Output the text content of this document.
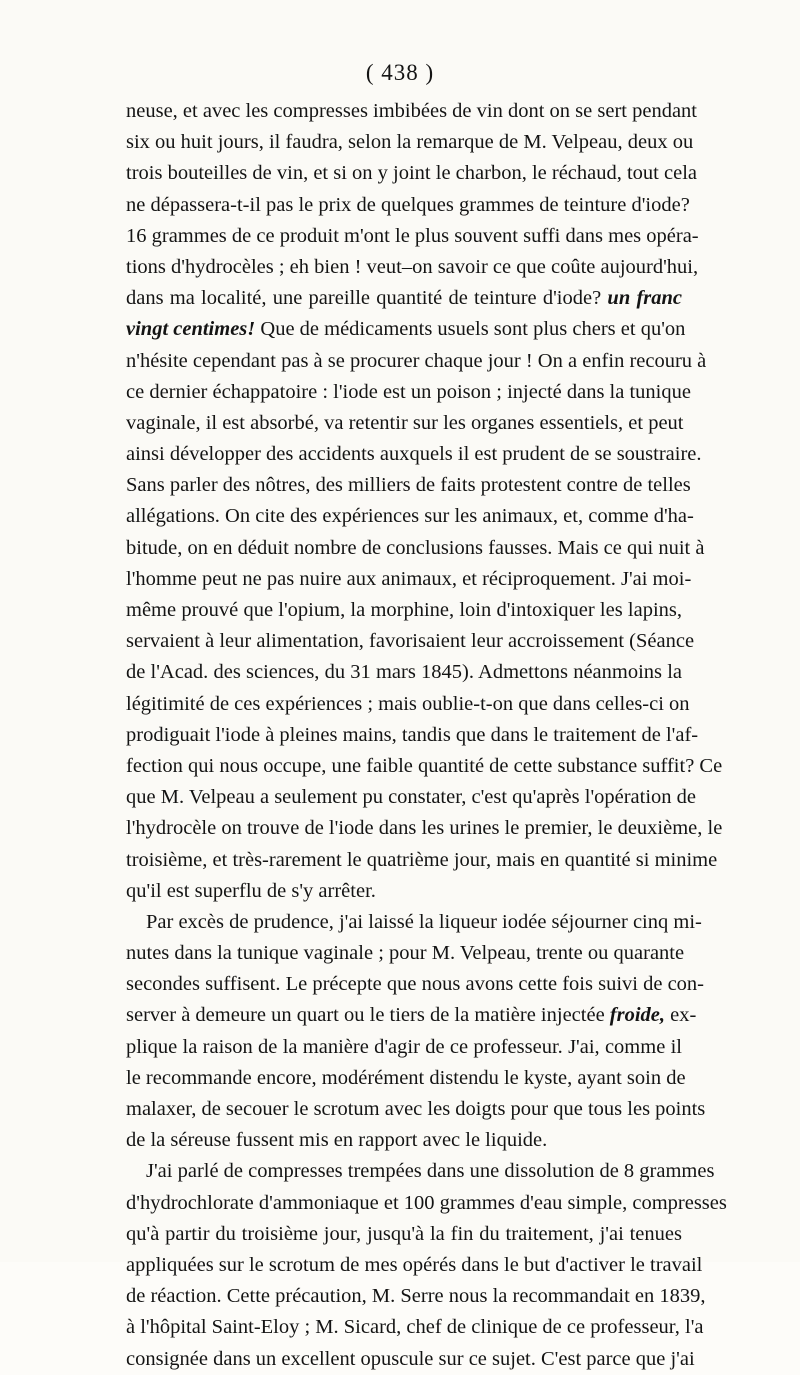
( 438 )
neuse, et avec les compresses imbibées de vin dont on se sert pendant
six ou huit jours, il faudra, selon la remarque de M. Velpeau, deux ou
trois bouteilles de vin, et si on y joint le charbon, le réchaud, tout cela
ne dépassera-t-il pas le prix de quelques grammes de teinture d'iode?
16 grammes de ce produit m'ont le plus souvent suffi dans mes opéra-
tions d'hydrocèles ; eh bien ! veut–on savoir ce que coûte aujourd'hui,
dans ma localité, une pareille quantité de teinture d'iode? un franc
vingt centimes! Que de médicaments usuels sont plus chers et qu'on
n'hésite cependant pas à se procurer chaque jour ! On a enfin recouru à
ce dernier échappatoire : l'iode est un poison ; injecté dans la tunique
vaginale, il est absorbé, va retentir sur les organes essentiels, et peut
ainsi développer des accidents auxquels il est prudent de se soustraire.
Sans parler des nôtres, des milliers de faits protestent contre de telles
allégations. On cite des expériences sur les animaux, et, comme d'ha-
bitude, on en déduit nombre de conclusions fausses. Mais ce qui nuit à
l'homme peut ne pas nuire aux animaux, et réciproquement. J'ai moi-
même prouvé que l'opium, la morphine, loin d'intoxiquer les lapins,
servaient à leur alimentation, favorisaient leur accroissement (Séance
de l'Acad. des sciences, du 31 mars 1845). Admettons néanmoins la
légitimité de ces expériences ; mais oublie-t-on que dans celles-ci on
prodiguait l'iode à pleines mains, tandis que dans le traitement de l'af-
fection qui nous occupe, une faible quantité de cette substance suffit? Ce
que M. Velpeau a seulement pu constater, c'est qu'après l'opération de
l'hydrocèle on trouve de l'iode dans les urines le premier, le deuxième, le
troisième, et très-rarement le quatrième jour, mais en quantité si minime
qu'il est superflu de s'y arrêter.
Par excès de prudence, j'ai laissé la liqueur iodée séjourner cinq mi-
nutes dans la tunique vaginale ; pour M. Velpeau, trente ou quarante
secondes suffisent. Le précepte que nous avons cette fois suivi de con-
server à demeure un quart ou le tiers de la matière injectée froide, ex-
plique la raison de la manière d'agir de ce professeur. J'ai, comme il
le recommande encore, modérément distendu le kyste, ayant soin de
malaxer, de secouer le scrotum avec les doigts pour que tous les points
de la séreuse fussent mis en rapport avec le liquide.
J'ai parlé de compresses trempées dans une dissolution de 8 grammes
d'hydrochlorate d'ammoniaque et 100 grammes d'eau simple, compresses
qu'à partir du troisième jour, jusqu'à la fin du traitement, j'ai tenues
appliquées sur le scrotum de mes opérés dans le but d'activer le travail
de réaction. Cette précaution, M. Serre nous la recommandait en 1839,
à l'hôpital Saint-Eloy ; M. Sicard, chef de clinique de ce professeur, l'a
consignée dans un excellent opuscule sur ce sujet. C'est parce que j'ai
